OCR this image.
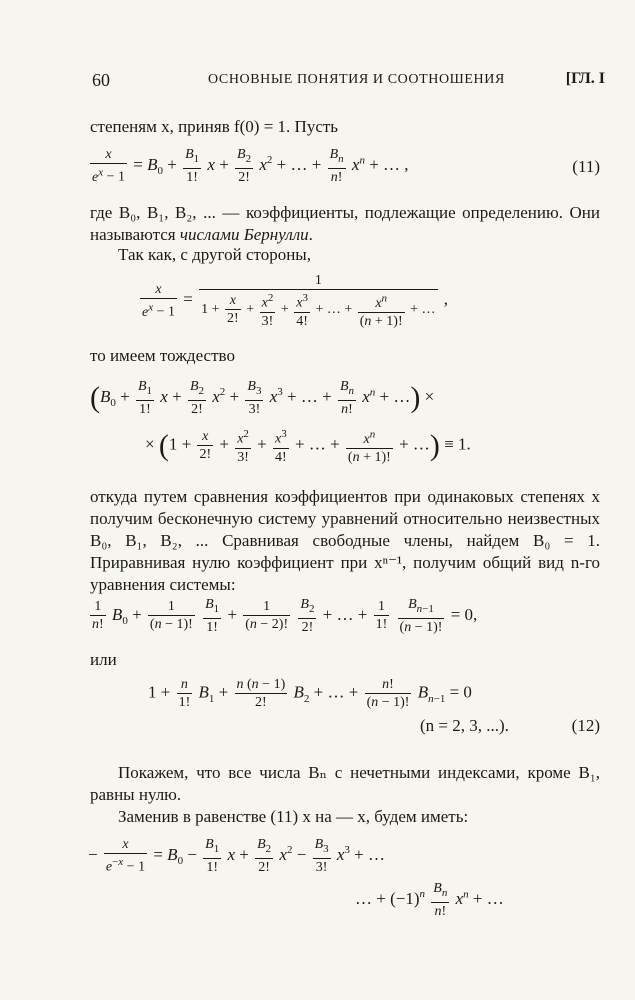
60	ОСНОВНЫЕ ПОНЯТИЯ И СООТНОШЕНИЯ	[ГЛ. I
степеням x, приняв f(0) = 1. Пусть
$\frac{x}{e^x - 1} = B_0 + \frac{B_1}{1!}$ $x + \frac{B_2}{2!} x^2$ + … + $\frac{B_n}{n!} x^n$ + … ,	(11)
где B₀, B₁, B₂, ... — коэффициенты, подлежащие определению. Они называются числами Бернулли.
Так как, с другой стороны,
$\frac{x}{e^x - 1} = \frac{1}{1 + \frac{x}{2!} + \frac{x^2}{3!} + \frac{x^3}{4!} + \dots + \frac{x^n}{(n + 1)!} + \dots}$ ,
то имеем тождество
($B_0 + \frac{B_1}{1!}$ $x + \frac{B_2}{2!} x^2 + \frac{B_3}{3!} x^3$ + … + $\frac{B_n}{n!} x^n$ + …) ×
× ($1 + \frac{x}{2!} + \frac{x^2}{3!} + \frac{x^3}{4!}$ + … + $\frac{x^n}{(n + 1)!}$ + …) ≡ 1.
откуда путем сравнения коэффициентов при одинаковых степенях x получим бесконечную систему уравнений относительно неизвестных B₀, B₁, B₂, ... Сравнивая свободные члены, найдем B₀ = 1. Приравнивая нулю коэффициент при xⁿ⁻¹, получим общий вид n-го уравнения системы:
$\frac{1}{n!} B_0 + \frac{1}{(n - 1)!}$
$\frac{B_1}{1!} + \frac{1}{(n - 2)!}$
$\frac{B_2}{2!}$ + … + $\frac{1}{1!}$
$\frac{B_{n-1}}{(n - 1)!} = 0$,
или
$1 + \frac{n}{1!} B_1 + \frac{n (n - 1)}{2!} B_2$ + … + $\frac{n!}{(n - 1)!} B_{n-1} = 0$
(n = 2, 3, ...).	(12)
Покажем, что все числа Bₙ с нечетными индексами, кроме B₁, равны нулю.
Заменив в равенстве (11) x на — x, будем иметь:
− $\frac{x}{e^{-x} - 1} = B_0 - \frac{B_1}{1!}$ $x + \frac{B_2}{2!} x^2 - \frac{B_3}{3!} x^3$ + …
… + $(-1)^n \frac{B_n}{n!} x^n$ + …
